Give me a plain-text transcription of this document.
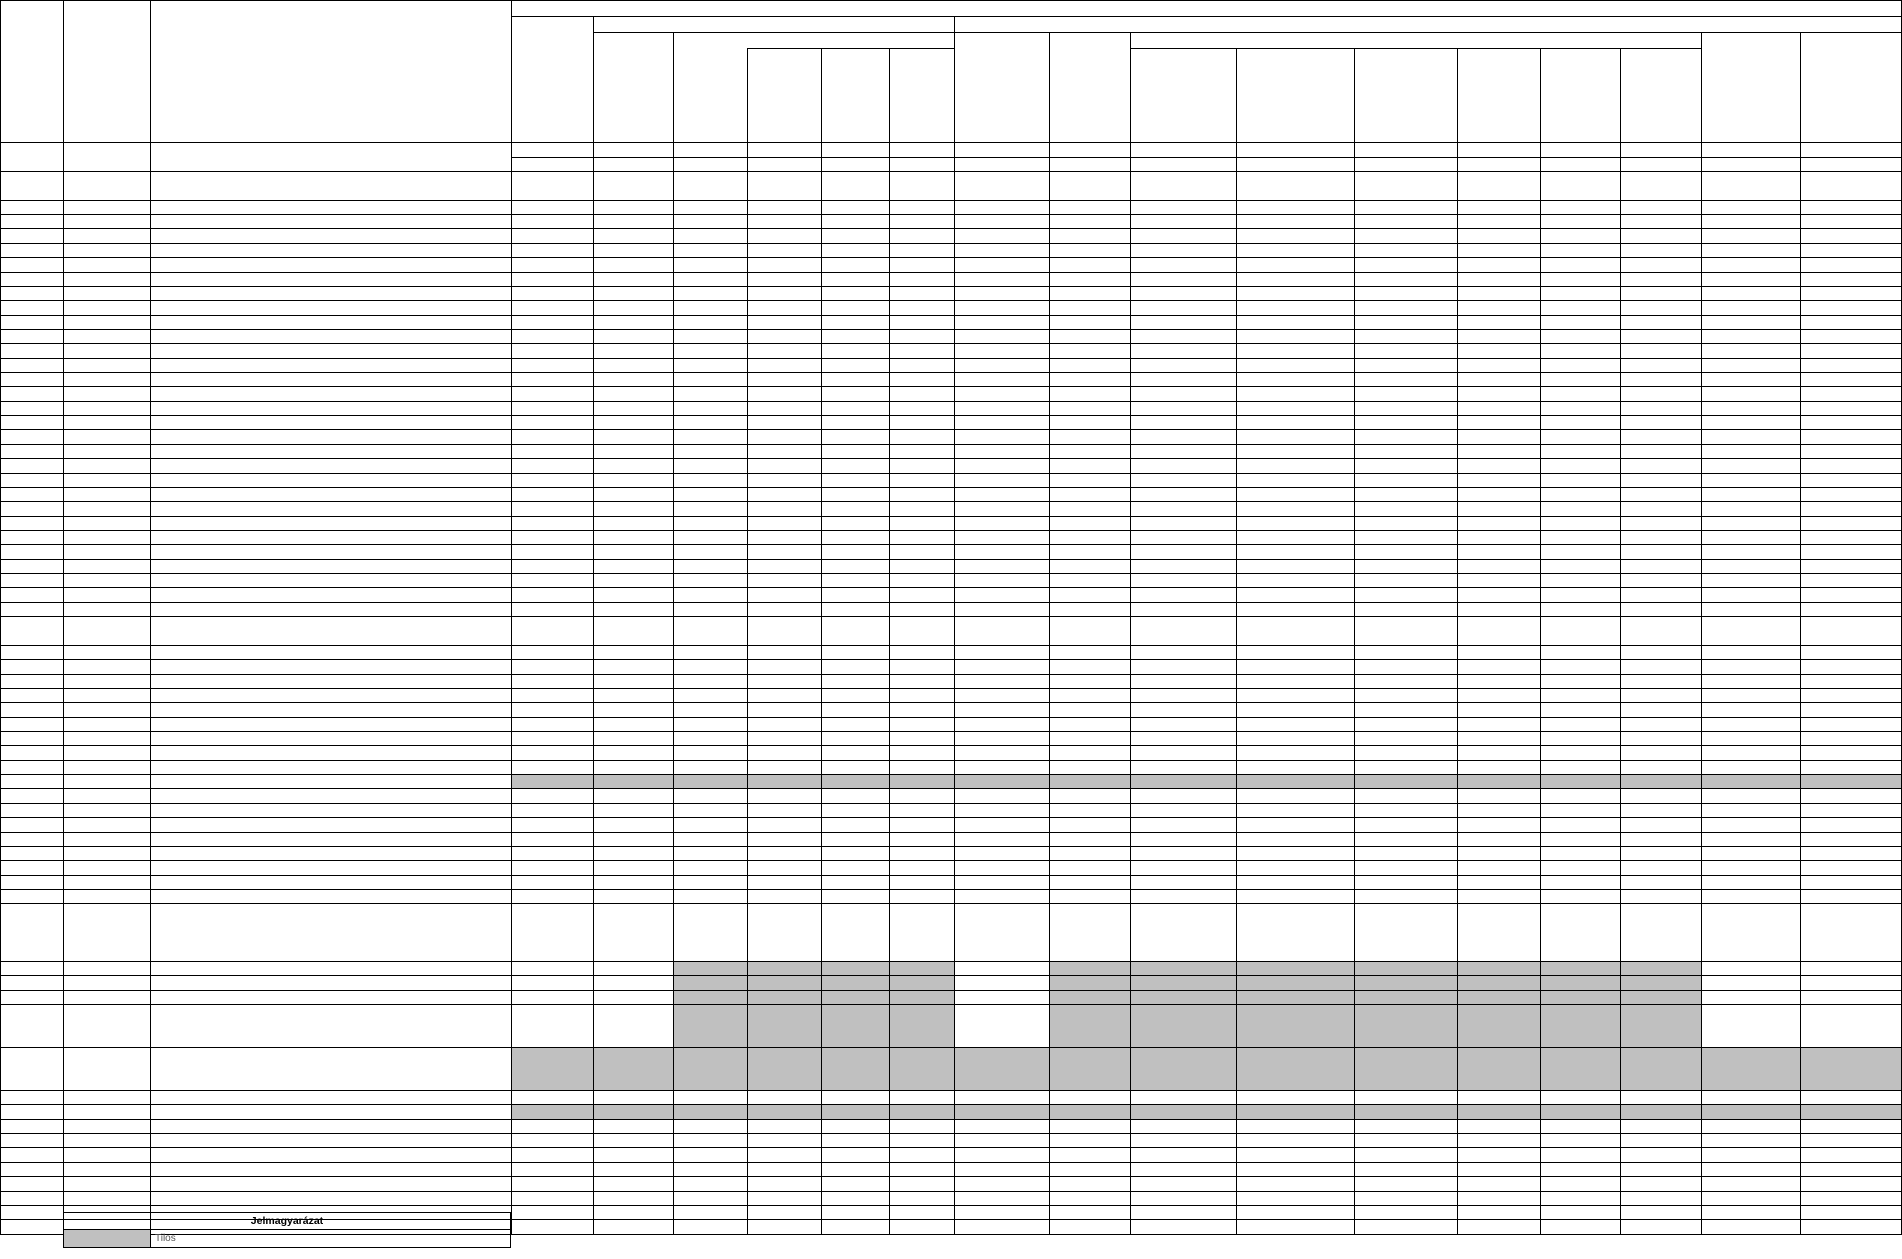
Jelmagyarázat
Tilos
